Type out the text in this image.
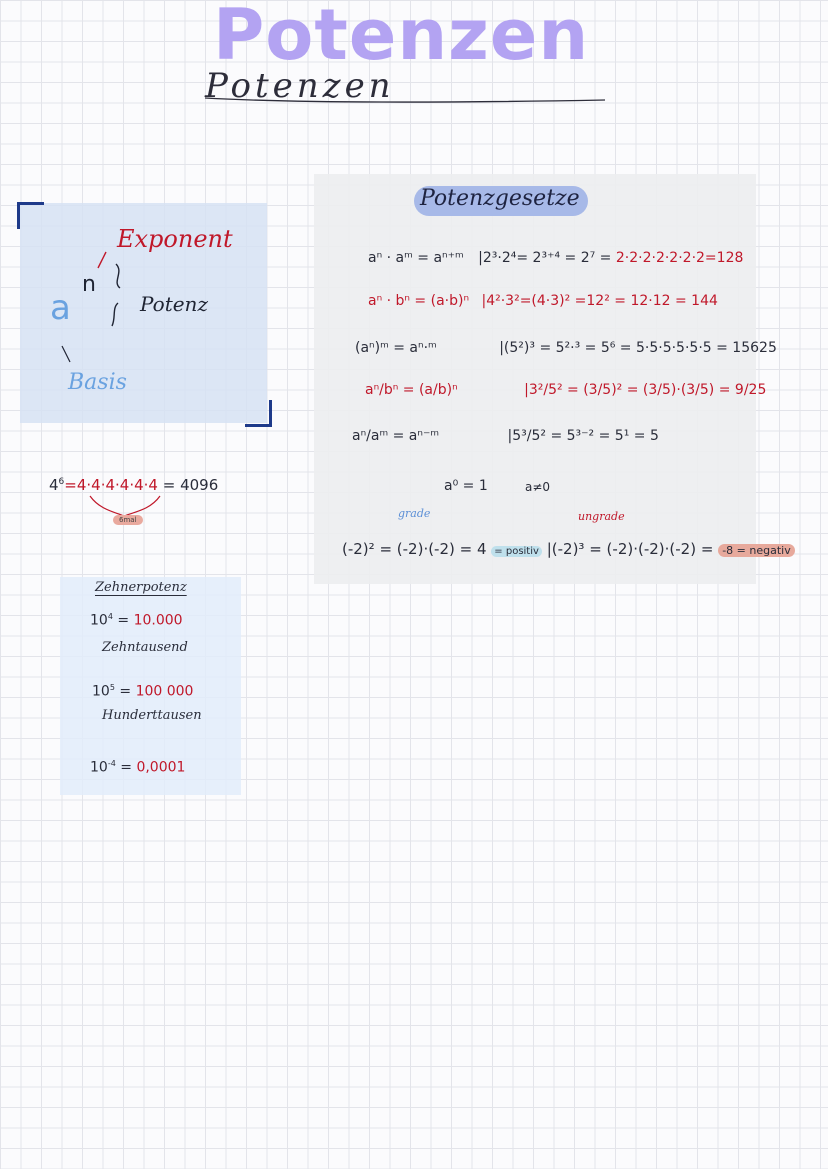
Potenzen
Potenzen
a
n
Exponent
Potenz
Basis
$4^6=4\cdot 4\cdot 4\cdot 4\cdot 4\cdot 4 = 4096$
6mal
Zehnerpotenz
$10^4 = 10.000$
Zehntausend
$10^5 = 100$ 000
Hunderttausen
$10^{-4} = 0,0001$
Potenzgesetze
aⁿ · aᵐ = aⁿ⁺ᵐ |2³·2⁴= 2³⁺⁴ = 2⁷ = 2·2·2·2·2·2·2=128
aⁿ · bⁿ = (a·b)ⁿ |4²·3²=(4·3)² =12² = 12·12 = 144
(aⁿ)ᵐ = aⁿ·ᵐ	|(5²)³ = 5²·³ = 5⁶ = 5·5·5·5·5·5 = 15625
aⁿ/bⁿ = (a/b)ⁿ	|3²/5² = (3/5)² = (3/5)·(3/5) = 9/25
aⁿ/aᵐ = aⁿ⁻ᵐ	|5³/5² = 5³⁻² = 5¹ = 5
a⁰ = 1	a≠0
grade	ungrade
(-2)² = (-2)·(-2) = 4 = positiv |(-2)³ = (-2)·(-2)·(-2) = -8 = negativ
